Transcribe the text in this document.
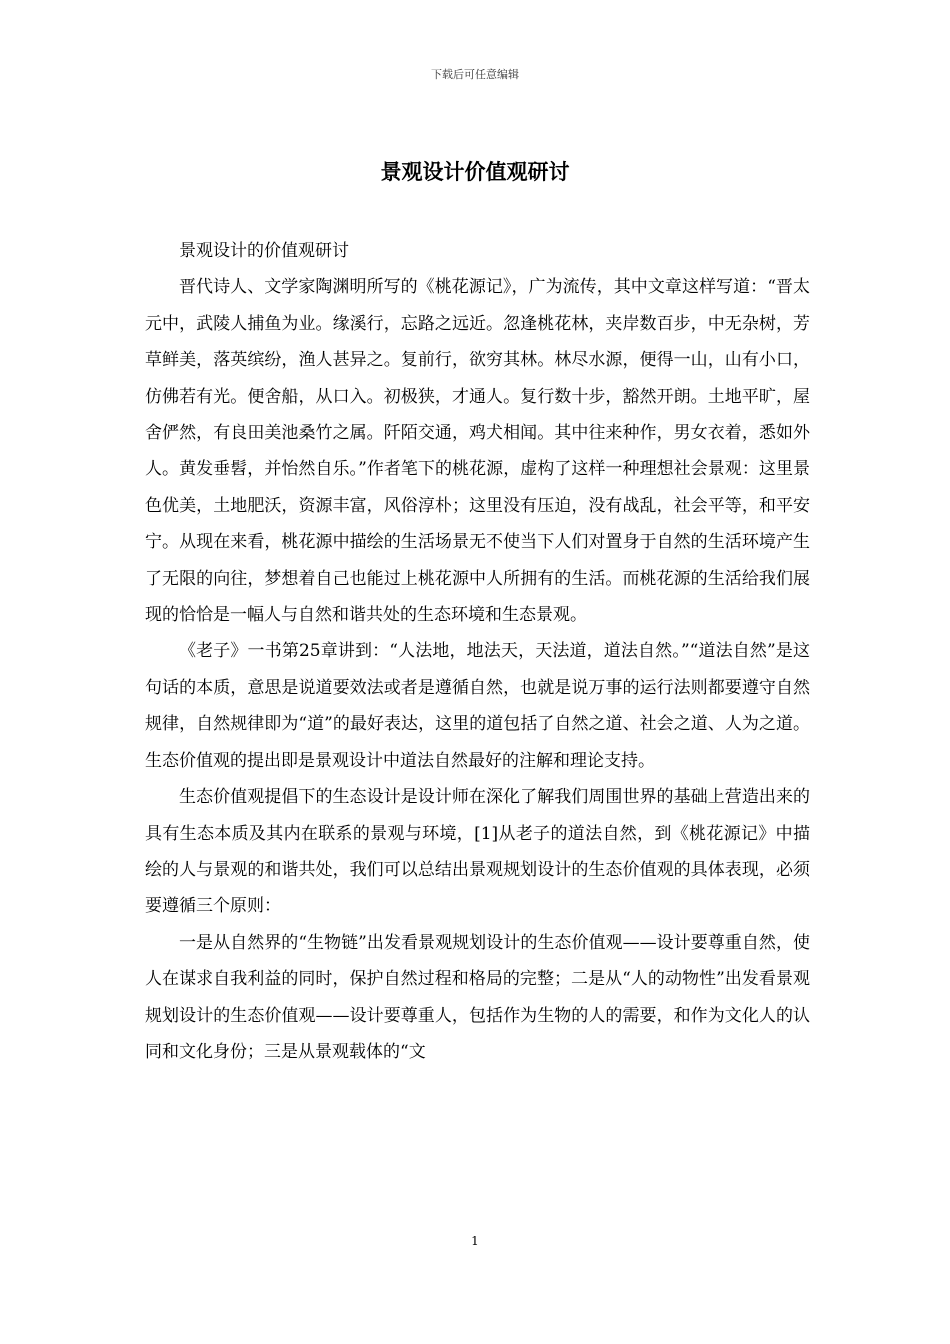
下载后可任意编辑
景观设计价值观研讨

景观设计的价值观研讨

晋代诗人、文学家陶渊明所写的《桃花源记》，广为流传，其中文章这样写道：“晋太元中，武陵人捕鱼为业。缘溪行，忘路之远近。忽逢桃花林，夹岸数百步，中无杂树，芳草鲜美，落英缤纷，渔人甚异之。复前行，欲穷其林。林尽水源，便得一山，山有小口，仿佛若有光。便舍船，从口入。初极狭，才通人。复行数十步，豁然开朗。土地平旷，屋舍俨然，有良田美池桑竹之属。阡陌交通，鸡犬相闻。其中往来种作，男女衣着，悉如外人。黄发垂髫，并怡然自乐。”作者笔下的桃花源，虚构了这样一种理想社会景观：这里景色优美，土地肥沃，资源丰富，风俗淳朴；这里没有压迫，没有战乱，社会平等，和平安宁。从现在来看，桃花源中描绘的生活场景无不使当下人们对置身于自然的生活环境产生了无限的向往，梦想着自己也能过上桃花源中人所拥有的生活。而桃花源的生活给我们展现的恰恰是一幅人与自然和谐共处的生态环境和生态景观。

《老子》一书第25章讲到：“人法地，地法天，天法道，道法自然。”“道法自然”是这句话的本质，意思是说道要效法或者是遵循自然，也就是说万事的运行法则都要遵守自然规律，自然规律即为“道”的最好表达，这里的道包括了自然之道、社会之道、人为之道。生态价值观的提出即是景观设计中道法自然最好的注解和理论支持。

生态价值观提倡下的生态设计是设计师在深化了解我们周围世界的基础上营造出来的具有生态本质及其内在联系的景观与环境，[1]从老子的道法自然，到《桃花源记》中描绘的人与景观的和谐共处，我们可以总结出景观规划设计的生态价值观的具体表现，必须要遵循三个原则：

一是从自然界的“生物链”出发看景观规划设计的生态价值观——设计要尊重自然，使人在谋求自我利益的同时，保护自然过程和格局的完整；二是从“人的动物性”出发看景观规划设计的生态价值观——设计要尊重人，包括作为生物的人的需要，和作为文化人的认同和文化身份；三是从景观载体的“文

1
